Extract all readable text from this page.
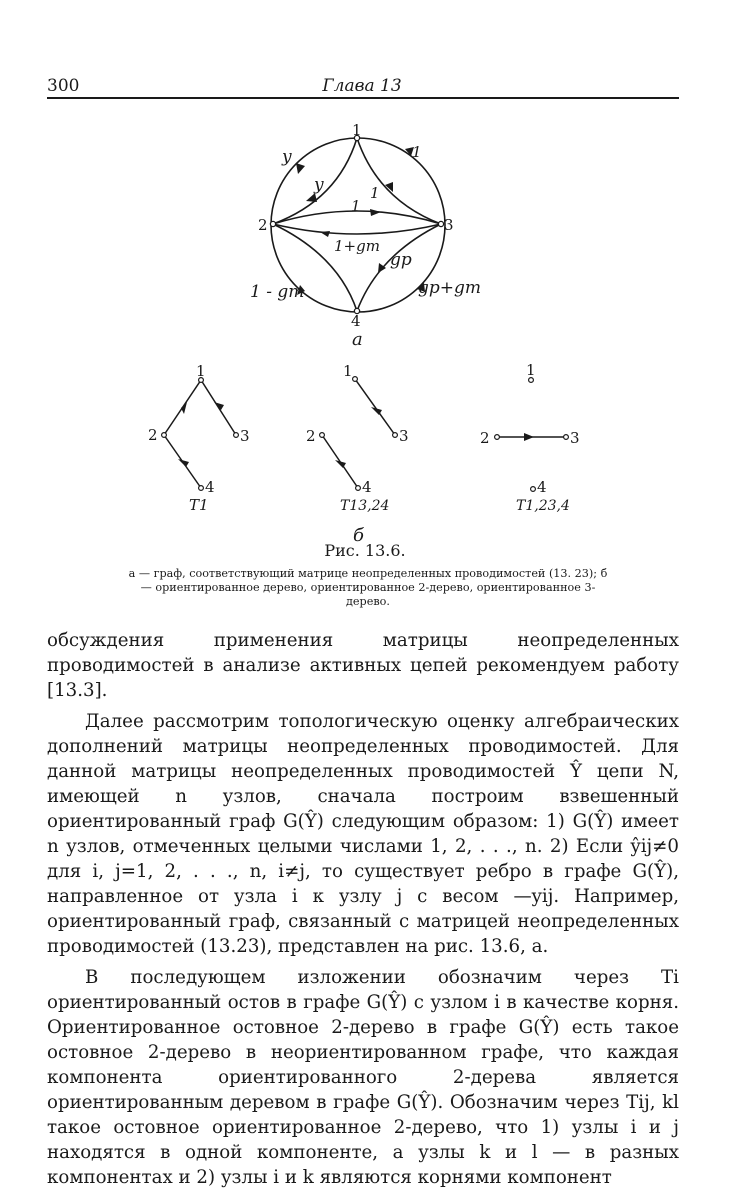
300	Глава 13
1
2	3
4
y
y
1
1
1
1+gm
gp
1 - gm	gp+gm
а
1
2	3
4
T1
1
2	3
4
T13,24
1
2	3
4
T1,23,4
б
Рис. 13.6.
а — граф, соответствующий матрице неопределенных проводимостей (13. 23); б — ориентированное дерево, ориентированное 2-дерево, ориентированное 3-дерево.

обсуждения применения матрицы неопределенных проводимостей в анализе активных цепей рекомендуем работу [13.3].

Далее рассмотрим топологическую оценку алгебраических дополнений матрицы неопределенных проводимостей. Для данной матрицы неопределенных проводимостей Ŷ цепи N, имеющей n узлов, сначала построим взвешенный ориентированный граф G(Ŷ) следующим образом: 1) G(Ŷ) имеет n узлов, отмеченных целыми числами 1, 2, . . ., n. 2) Если ŷij≠0 для i, j=1, 2, . . ., n, i≠j, то существует ребро в графе G(Ŷ), направленное от узла i к узлу j с весом —yij. Например, ориентированный граф, связанный с матрицей неопределенных проводимостей (13.23), представлен на рис. 13.6, а.

В последующем изложении обозначим через Ti ориентированный остов в графе G(Ŷ) с узлом i в качестве корня. Ориентированное остовное 2-дерево в графе G(Ŷ) есть такое остовное 2-дерево в неориентированном графе, что каждая компонента ориентированного 2-дерева является ориентированным деревом в графе G(Ŷ). Обозначим через Tij, kl такое остовное ориентированное 2-дерево, что 1) узлы i и j находятся в одной компоненте, а узлы k и l — в разных компонентах и 2) узлы i и k являются корнями компонент
